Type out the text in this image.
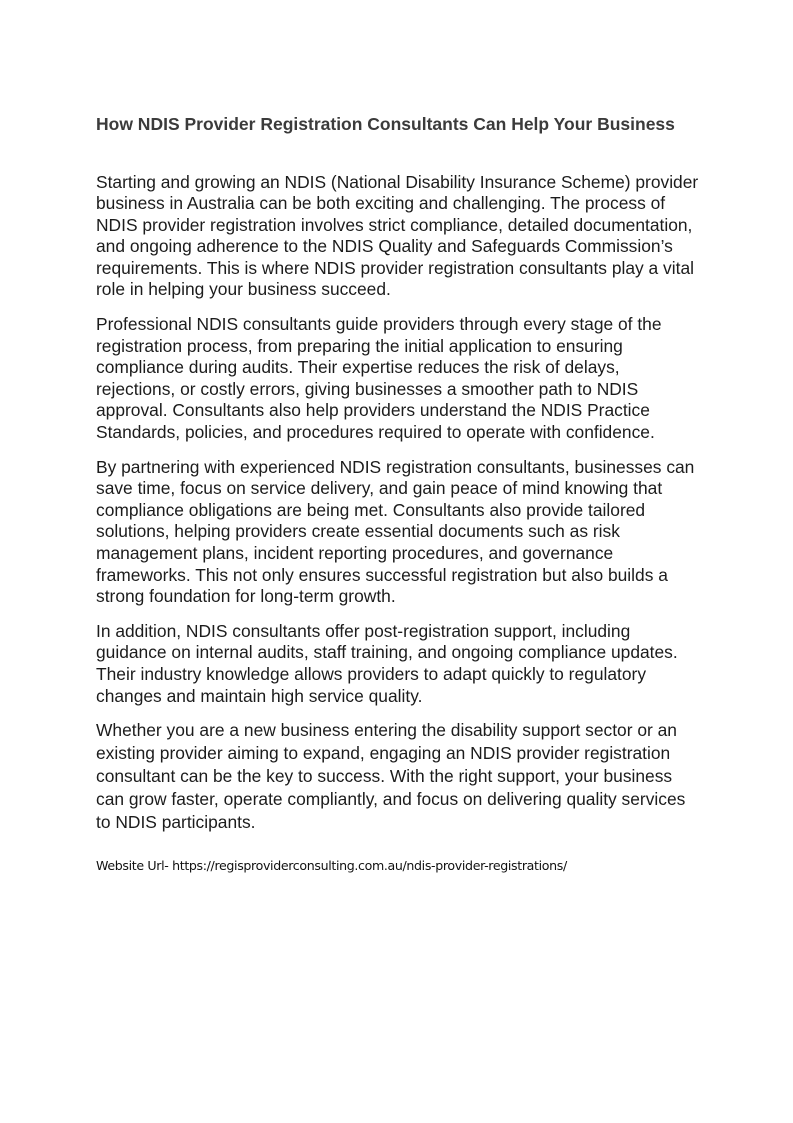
How NDIS Provider Registration Consultants Can Help Your Business

Starting and growing an NDIS (National Disability Insurance Scheme) provider business in Australia can be both exciting and challenging. The process of NDIS provider registration involves strict compliance, detailed documentation, and ongoing adherence to the NDIS Quality and Safeguards Commission’s requirements. This is where NDIS provider registration consultants play a vital role in helping your business succeed.

Professional NDIS consultants guide providers through every stage of the registration process, from preparing the initial application to ensuring compliance during audits. Their expertise reduces the risk of delays, rejections, or costly errors, giving businesses a smoother path to NDIS approval. Consultants also help providers understand the NDIS Practice Standards, policies, and procedures required to operate with confidence.

By partnering with experienced NDIS registration consultants, businesses can save time, focus on service delivery, and gain peace of mind knowing that compliance obligations are being met. Consultants also provide tailored solutions, helping providers create essential documents such as risk management plans, incident reporting procedures, and governance frameworks. This not only ensures successful registration but also builds a strong foundation for long-term growth.

In addition, NDIS consultants offer post-registration support, including guidance on internal audits, staff training, and ongoing compliance updates. Their industry knowledge allows providers to adapt quickly to regulatory changes and maintain high service quality.

Whether you are a new business entering the disability support sector or an existing provider aiming to expand, engaging an NDIS provider registration consultant can be the key to success. With the right support, your business can grow faster, operate compliantly, and focus on delivering quality services to NDIS participants.

Website Url- https://regisproviderconsulting.com.au/ndis-provider-registrations/
